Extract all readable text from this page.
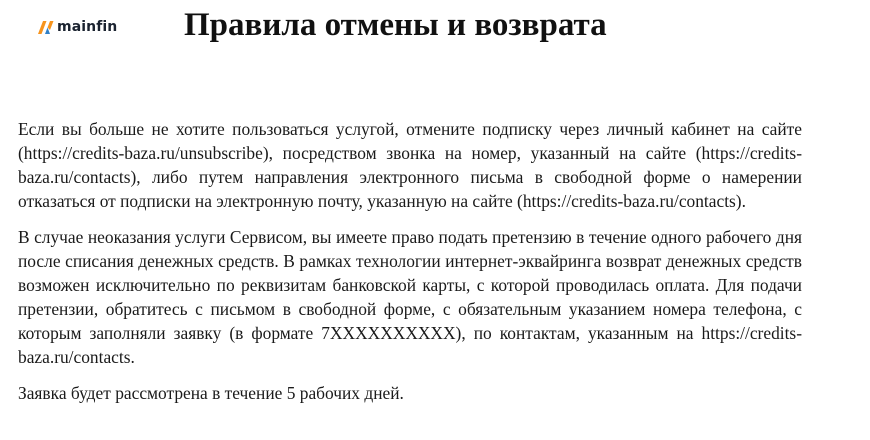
mainfin Правила отмены и возврата

Если вы больше не хотите пользоваться услугой, отмените подписку через личный кабинет на сайте (https://credits-baza.ru/unsubscribe), посредством звонка на номер, указанный на сайте (https://credits-baza.ru/contacts), либо путем направления электронного письма в свободной форме о намерении отказаться от подписки на электронную почту, указанную на сайте (https://credits-baza.ru/contacts).

В случае неоказания услуги Сервисом, вы имеете право подать претензию в течение одного рабочего дня после списания денежных средств. В рамках технологии интернет-эквайринга возврат денежных средств возможен исключительно по реквизитам банковской карты, с которой проводилась оплата. Для подачи претензии, обратитесь с письмом в свободной форме, с обязательным указанием номера телефона, с которым заполняли заявку (в формате 7XXXXXXXXXX), по контактам, указанным на https://credits-baza.ru/contacts.

Заявка будет рассмотрена в течение 5 рабочих дней.
